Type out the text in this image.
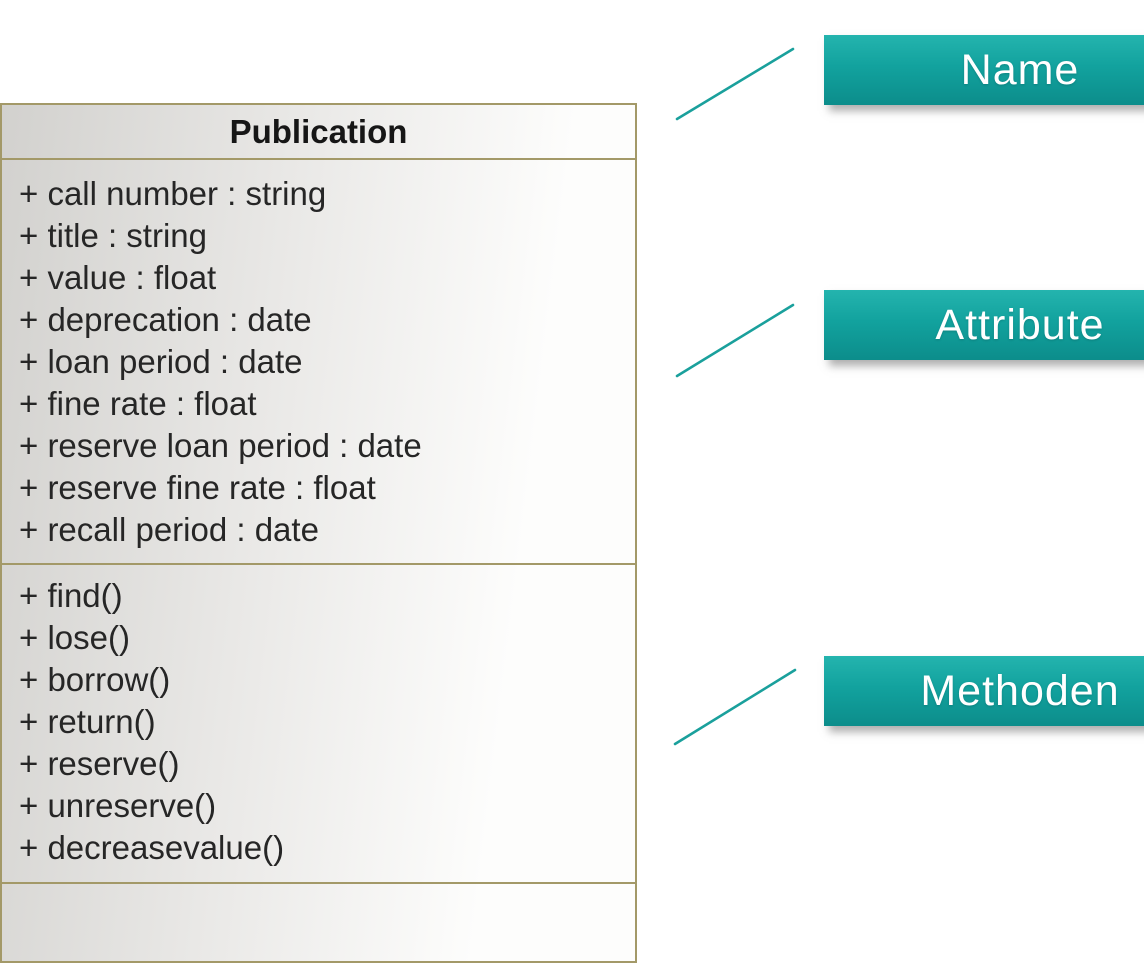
Publication
+ call number : string
+ title : string
+ value : float
+ deprecation : date
+ loan period : date
+ fine rate : float
+ reserve loan period : date
+ reserve fine rate : float
+ recall period : date
+ find()
+ lose()
+ borrow()
+ return()
+ reserve()
+ unreserve()
+ decreasevalue()
Name
Attribute
Methoden
